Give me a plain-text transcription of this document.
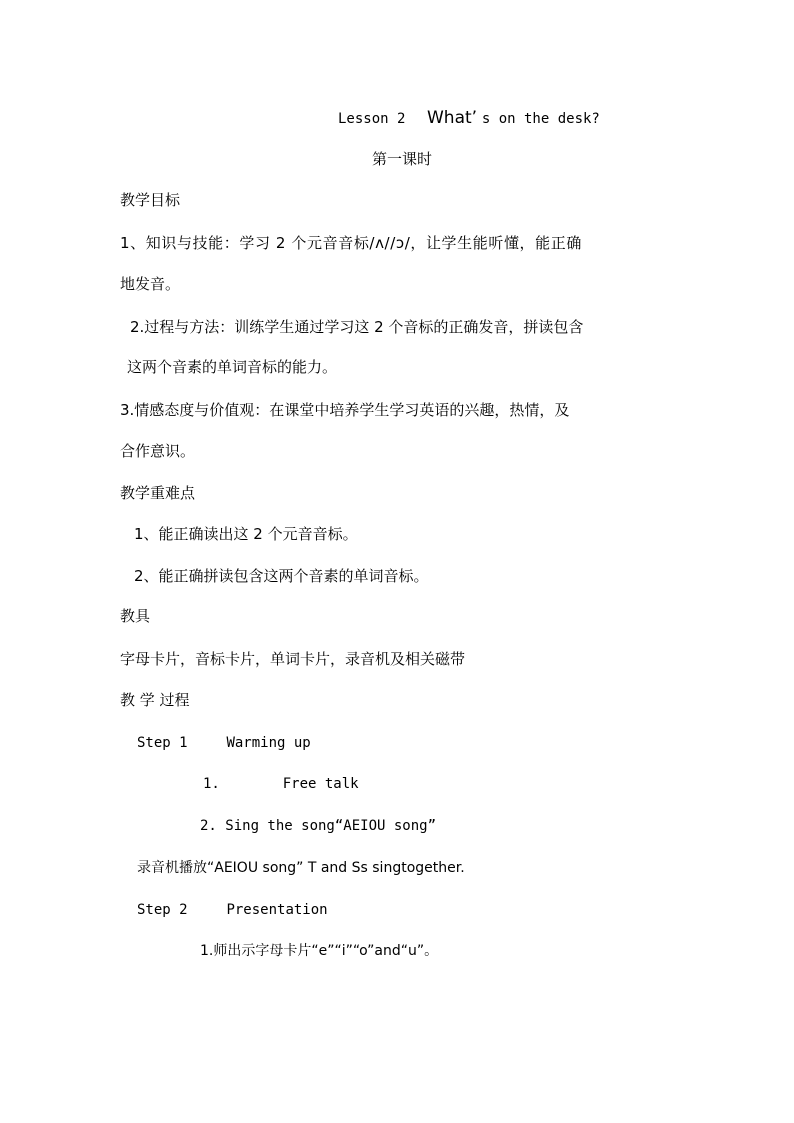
Lesson 2 What’ s on the desk?
第一课时
教学目标
1、知识与技能：学习 2 个元音音标/ʌ//ɔ/，让学生能听懂，能正确
地发音。
2.过程与方法：训练学生通过学习这 2 个音标的正确发音，拼读包含
这两个音素的单词音标的能力。
3.情感态度与价值观：在课堂中培养学生学习英语的兴趣，热情，及
合作意识。
教学重难点
1、能正确读出这 2 个元音音标。
2、能正确拼读包含这两个音素的单词音标。
教具
字母卡片，音标卡片，单词卡片，录音机及相关磁带
教 学 过程
Step 1	Warming up
1.	Free talk
2. Sing the song“AEIOU song”
录音机播放“AEIOU song” T and Ss singtogether.
Step 2	Presentation
1.师出示字母卡片“e”“i”“o”and“u”。
